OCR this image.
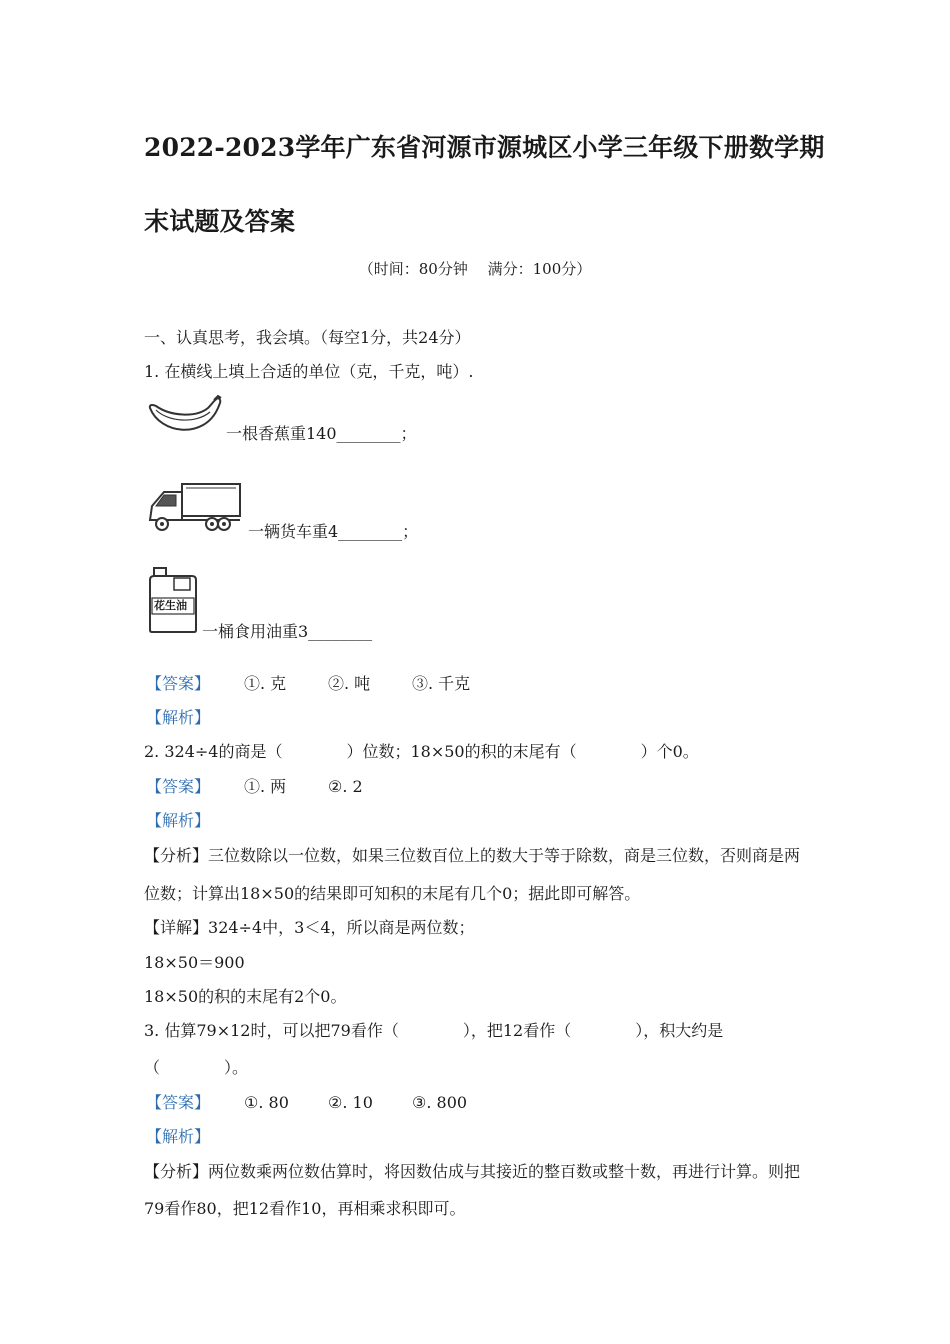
2022-2023学年广东省河源市源城区小学三年级下册数学期
末试题及答案
（时间：80分钟　 满分：100分）
一、认真思考，我会填。（每空1分，共24分）
1. 在横线上填上合适的单位（克，千克，吨）.
一根香蕉重140________；
一辆货车重4________；
花生油
一桶食用油重3________
【答案】 ①. 克	②. 吨	③. 千克
【解析】
2. 324÷4的商是（　　　　）位数；18×50的积的末尾有（　　　　）个0。
【答案】 ①. 两	②. 2
【解析】
【分析】三位数除以一位数，如果三位数百位上的数大于等于除数，商是三位数，否则商是两
位数；计算出18×50的结果即可知积的末尾有几个0；据此即可解答。
【详解】324÷4中，3＜4，所以商是两位数；
18×50＝900
18×50的积的末尾有2个0。
3. 估算79×12时，可以把79看作（　　　　），把12看作（　　　　），积大约是
（　　　　）。
【答案】 ①. 80 ②. 10 ③. 800
【解析】
【分析】两位数乘两位数估算时，将因数估成与其接近的整百数或整十数，再进行计算。则把
79看作80，把12看作10，再相乘求积即可。
